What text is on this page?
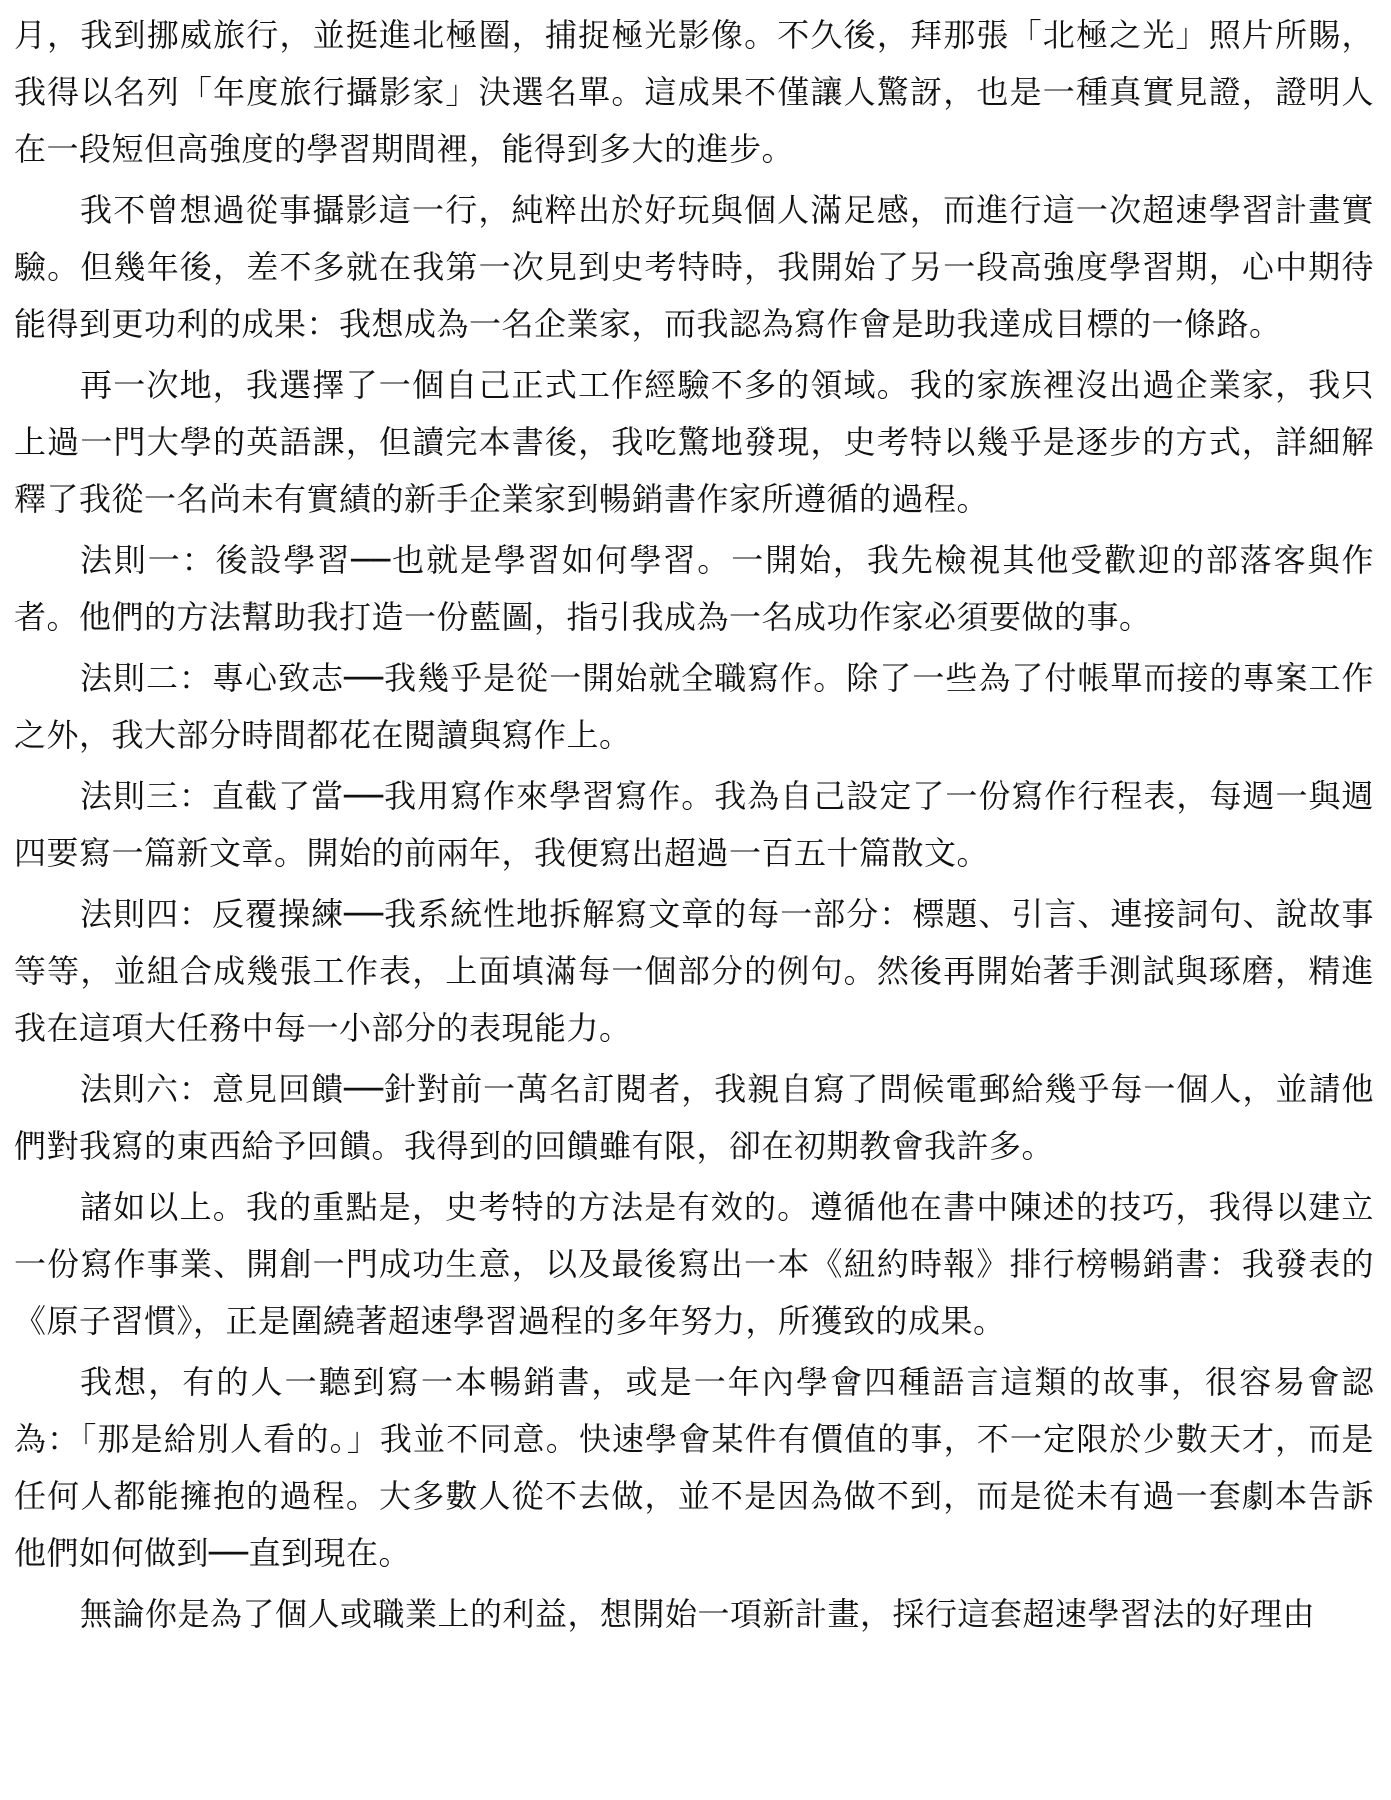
月，我到挪威旅行，並挺進北極圈，捕捉極光影像。不久後，拜那張「北極之光」照片所賜，我得以名列「年度旅行攝影家」決選名單。這成果不僅讓人驚訝，也是一種真實見證，證明人在一段短但高強度的學習期間裡，能得到多大的進步。

我不曾想過從事攝影這一行，純粹出於好玩與個人滿足感，而進行這一次超速學習計畫實驗。但幾年後，差不多就在我第一次見到史考特時，我開始了另一段高強度學習期，心中期待能得到更功利的成果：我想成為一名企業家，而我認為寫作會是助我達成目標的一條路。

再一次地，我選擇了一個自己正式工作經驗不多的領域。我的家族裡沒出過企業家，我只上過一門大學的英語課，但讀完本書後，我吃驚地發現，史考特以幾乎是逐步的方式，詳細解釋了我從一名尚未有實績的新手企業家到暢銷書作家所遵循的過程。

法則一：後設學習──也就是學習如何學習。一開始，我先檢視其他受歡迎的部落客與作者。他們的方法幫助我打造一份藍圖，指引我成為一名成功作家必須要做的事。

法則二：專心致志──我幾乎是從一開始就全職寫作。除了一些為了付帳單而接的專案工作之外，我大部分時間都花在閱讀與寫作上。

法則三：直截了當──我用寫作來學習寫作。我為自己設定了一份寫作行程表，每週一與週四要寫一篇新文章。開始的前兩年，我便寫出超過一百五十篇散文。

法則四：反覆操練──我系統性地拆解寫文章的每一部分：標題、引言、連接詞句、說故事等等，並組合成幾張工作表，上面填滿每一個部分的例句。然後再開始著手測試與琢磨，精進我在這項大任務中每一小部分的表現能力。

法則六：意見回饋──針對前一萬名訂閱者，我親自寫了問候電郵給幾乎每一個人，並請他們對我寫的東西給予回饋。我得到的回饋雖有限，卻在初期教會我許多。

諸如以上。我的重點是，史考特的方法是有效的。遵循他在書中陳述的技巧，我得以建立一份寫作事業、開創一門成功生意，以及最後寫出一本《紐約時報》排行榜暢銷書：我發表的《原子習慣》，正是圍繞著超速學習過程的多年努力，所獲致的成果。

我想，有的人一聽到寫一本暢銷書，或是一年內學會四種語言這類的故事，很容易會認為：「那是給別人看的。」我並不同意。快速學會某件有價值的事，不一定限於少數天才，而是任何人都能擁抱的過程。大多數人從不去做，並不是因為做不到，而是從未有過一套劇本告訴他們如何做到──直到現在。

無論你是為了個人或職業上的利益，想開始一項新計畫，採行這套超速學習法的好理由
